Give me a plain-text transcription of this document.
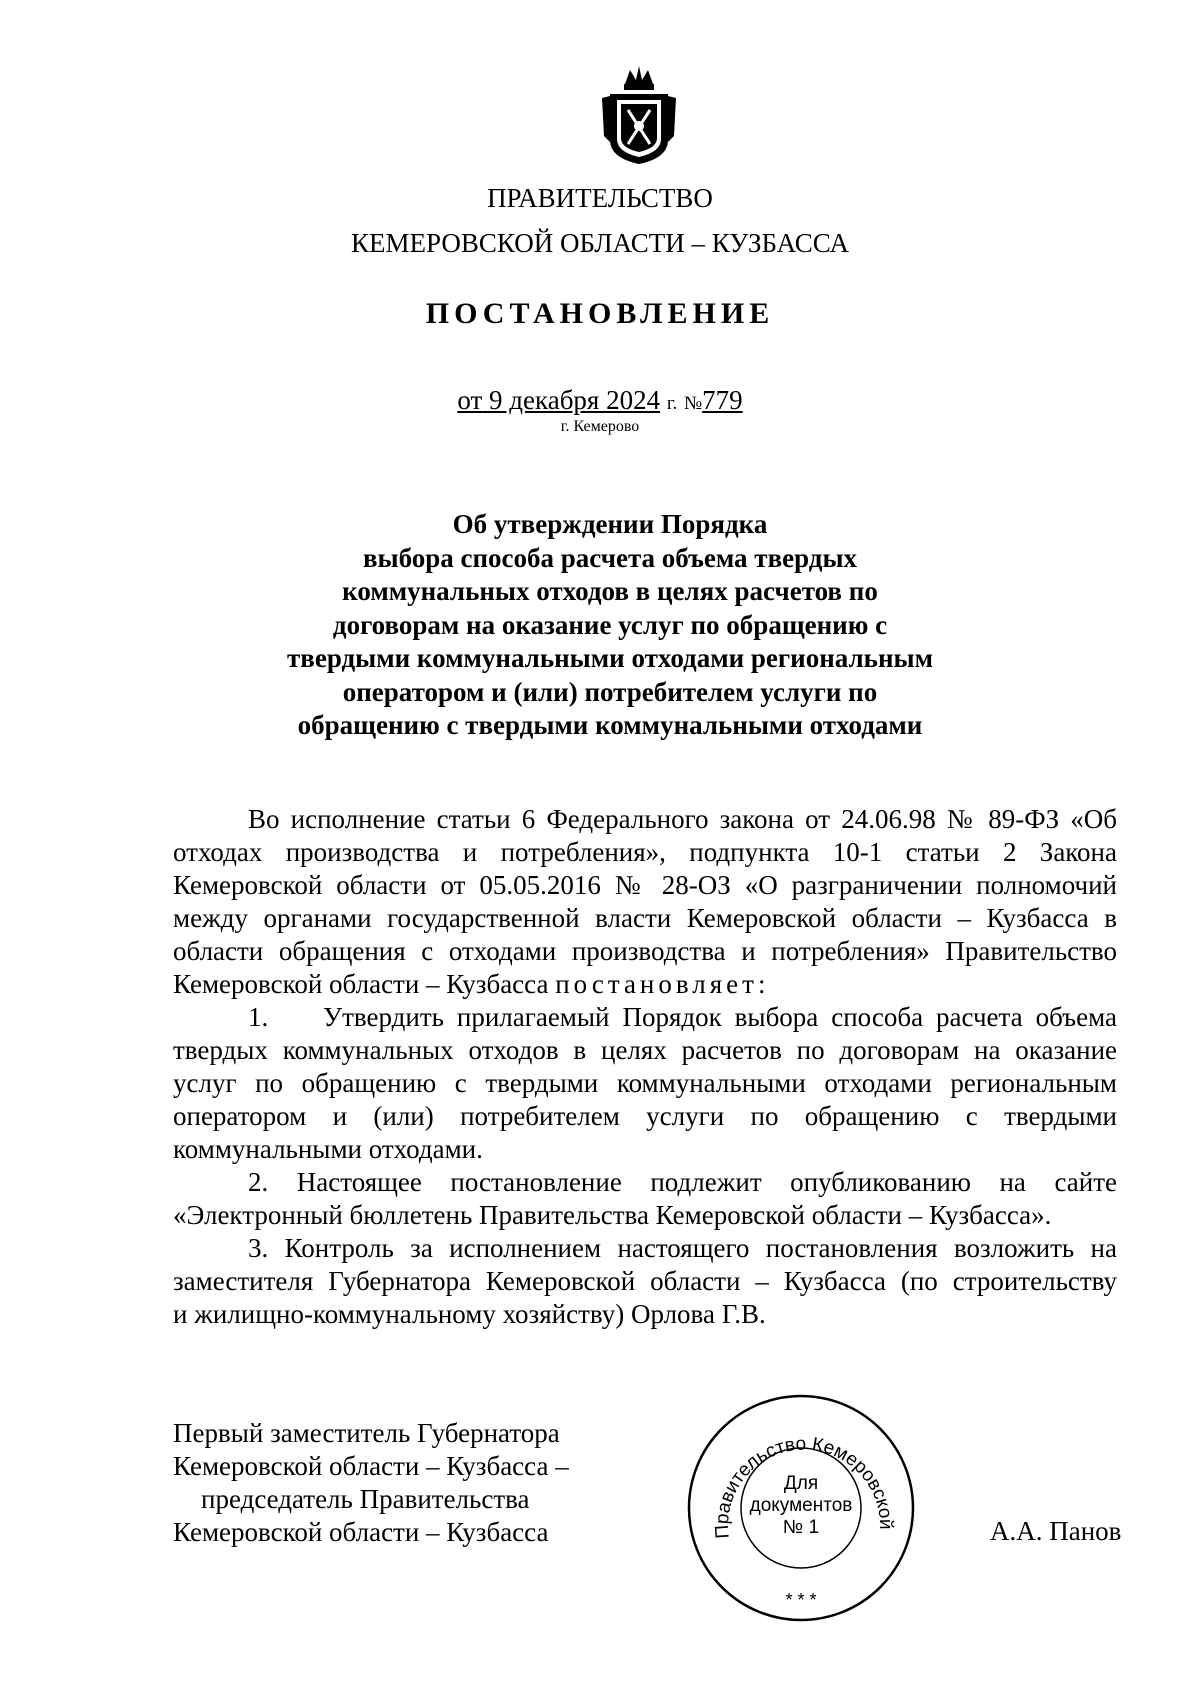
ПРАВИТЕЛЬСТВО
КЕМЕРОВСКОЙ ОБЛАСТИ – КУЗБАССА
ПОСТАНОВЛЕНИЕ
от 9 декабря 2024 г. №779
г. Кемерово
Об утверждении Порядка
выбора способа расчета объема твердых
коммунальных отходов в целях расчетов по
договорам на оказание услуг по обращению с
твердыми коммунальными отходами региональным
оператором и (или) потребителем услуги по
обращению с твердыми коммунальными отходами
Во исполнение статьи 6 Федерального закона от 24.06.98 № 89-ФЗ «Об
отходах производства и потребления», подпункта 10-1 статьи 2 Закона
Кемеровской области от 05.05.2016 № 28-ОЗ «О разграничении полномочий
между органами государственной власти Кемеровской области – Кузбасса в
области обращения с отходами производства и потребления» Правительство
Кемеровской области – Кузбасса постановляет:
1. Утвердить прилагаемый Порядок выбора способа расчета объема
твердых коммунальных отходов в целях расчетов по договорам на оказание
услуг по обращению с твердыми коммунальными отходами региональным
оператором и (или) потребителем услуги по обращению с твердыми
коммунальными отходами.
2. Настоящее постановление подлежит опубликованию на сайте
«Электронный бюллетень Правительства Кемеровской области – Кузбасса».
3. Контроль за исполнением настоящего постановления возложить на
заместителя Губернатора Кемеровской области – Кузбасса (по строительству
и жилищно-коммунальному хозяйству) Орлова Г.В.
Первый заместитель Губернатора
Кемеровской области – Кузбасса –
председатель Правительства
Кемеровской области – Кузбасса	Правительство Кемеровской
* * *
Для
документов
№ 1	А.А. Панов
